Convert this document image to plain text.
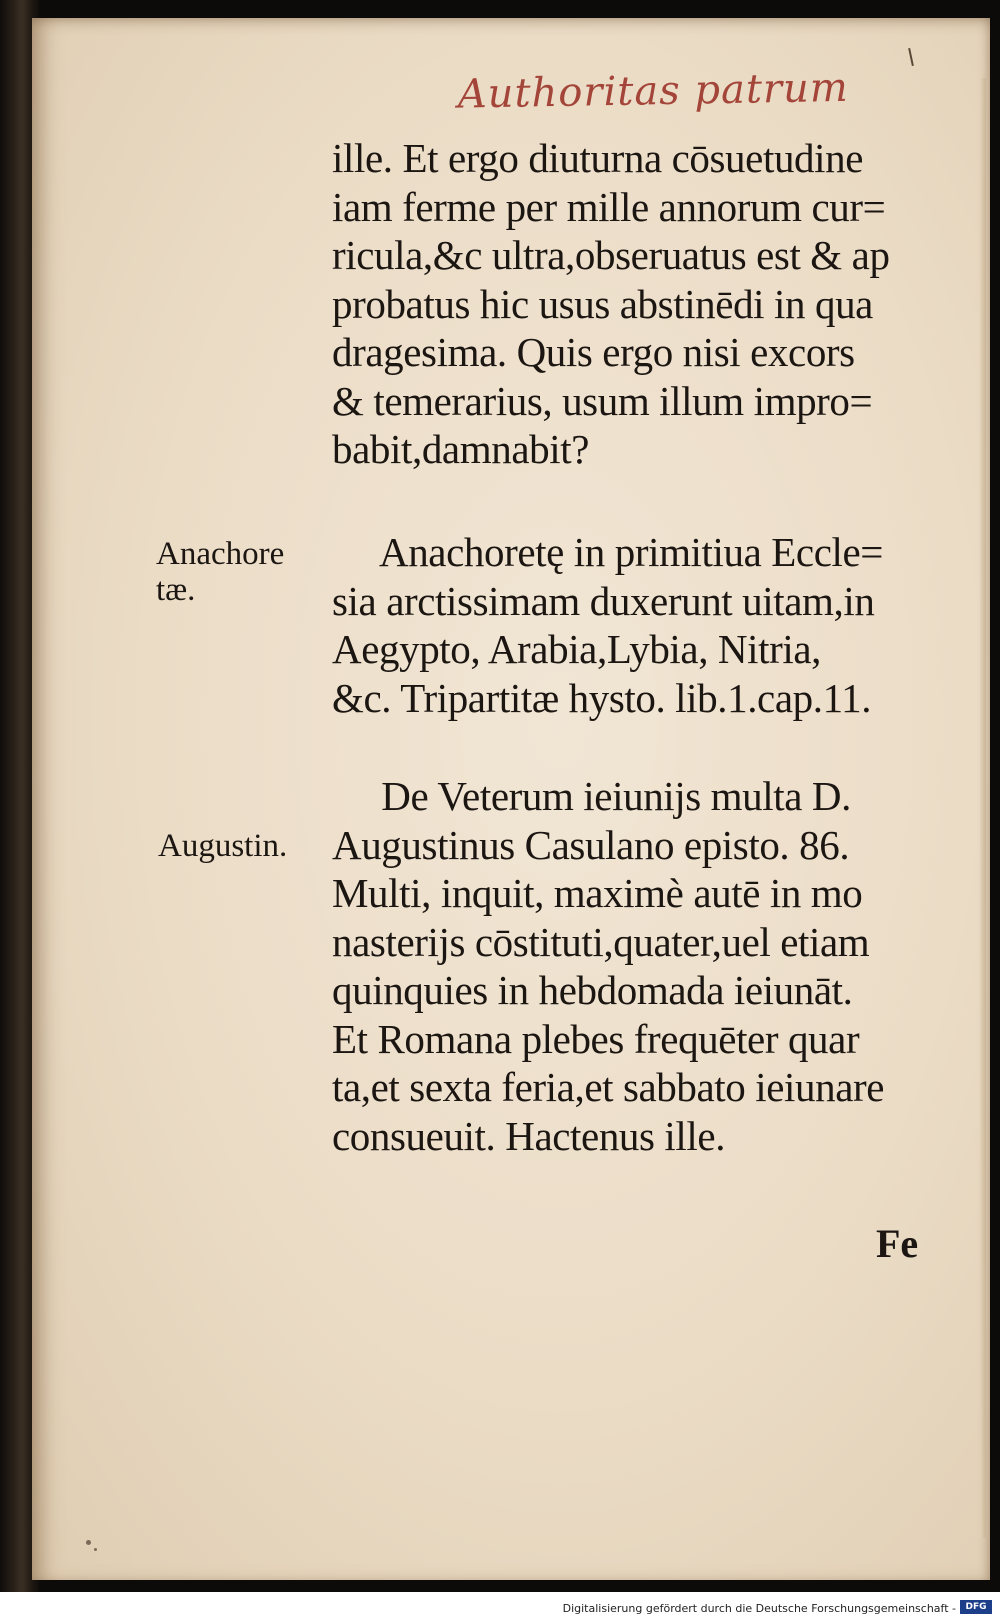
Authoritas patrum
Anachore
tæ.
Augustin.
ille. Et ergo diuturna cōsuetudine
iam ferme per mille annorum cur=
ricula,&c ultra,obseruatus est & ap
probatus hic usus abstinēdi in qua
dragesima. Quis ergo nisi excors
& temerarius, usum illum impro=
babit,damnabit?
Anachoretę in primitiua Eccle=
sia arctissimam duxerunt uitam,in
Aegypto, Arabia,Lybia, Nitria,
&c. Tripartitæ hysto. lib.1.cap.11.
De Veterum ieiunijs multa D.
Augustinus Casulano episto. 86.
Multi, inquit, maximè autē in mo
nasterijs cōstituti,quater,uel etiam
quinquies in hebdomada ieiunāt.
Et Romana plebes frequēter quar
ta,et sexta feria,et sabbato ieiunare
consueuit. Hactenus ille.
Fe
Digitalisierung gefördert durch die Deutsche Forschungsgemeinschaft -	DFG
